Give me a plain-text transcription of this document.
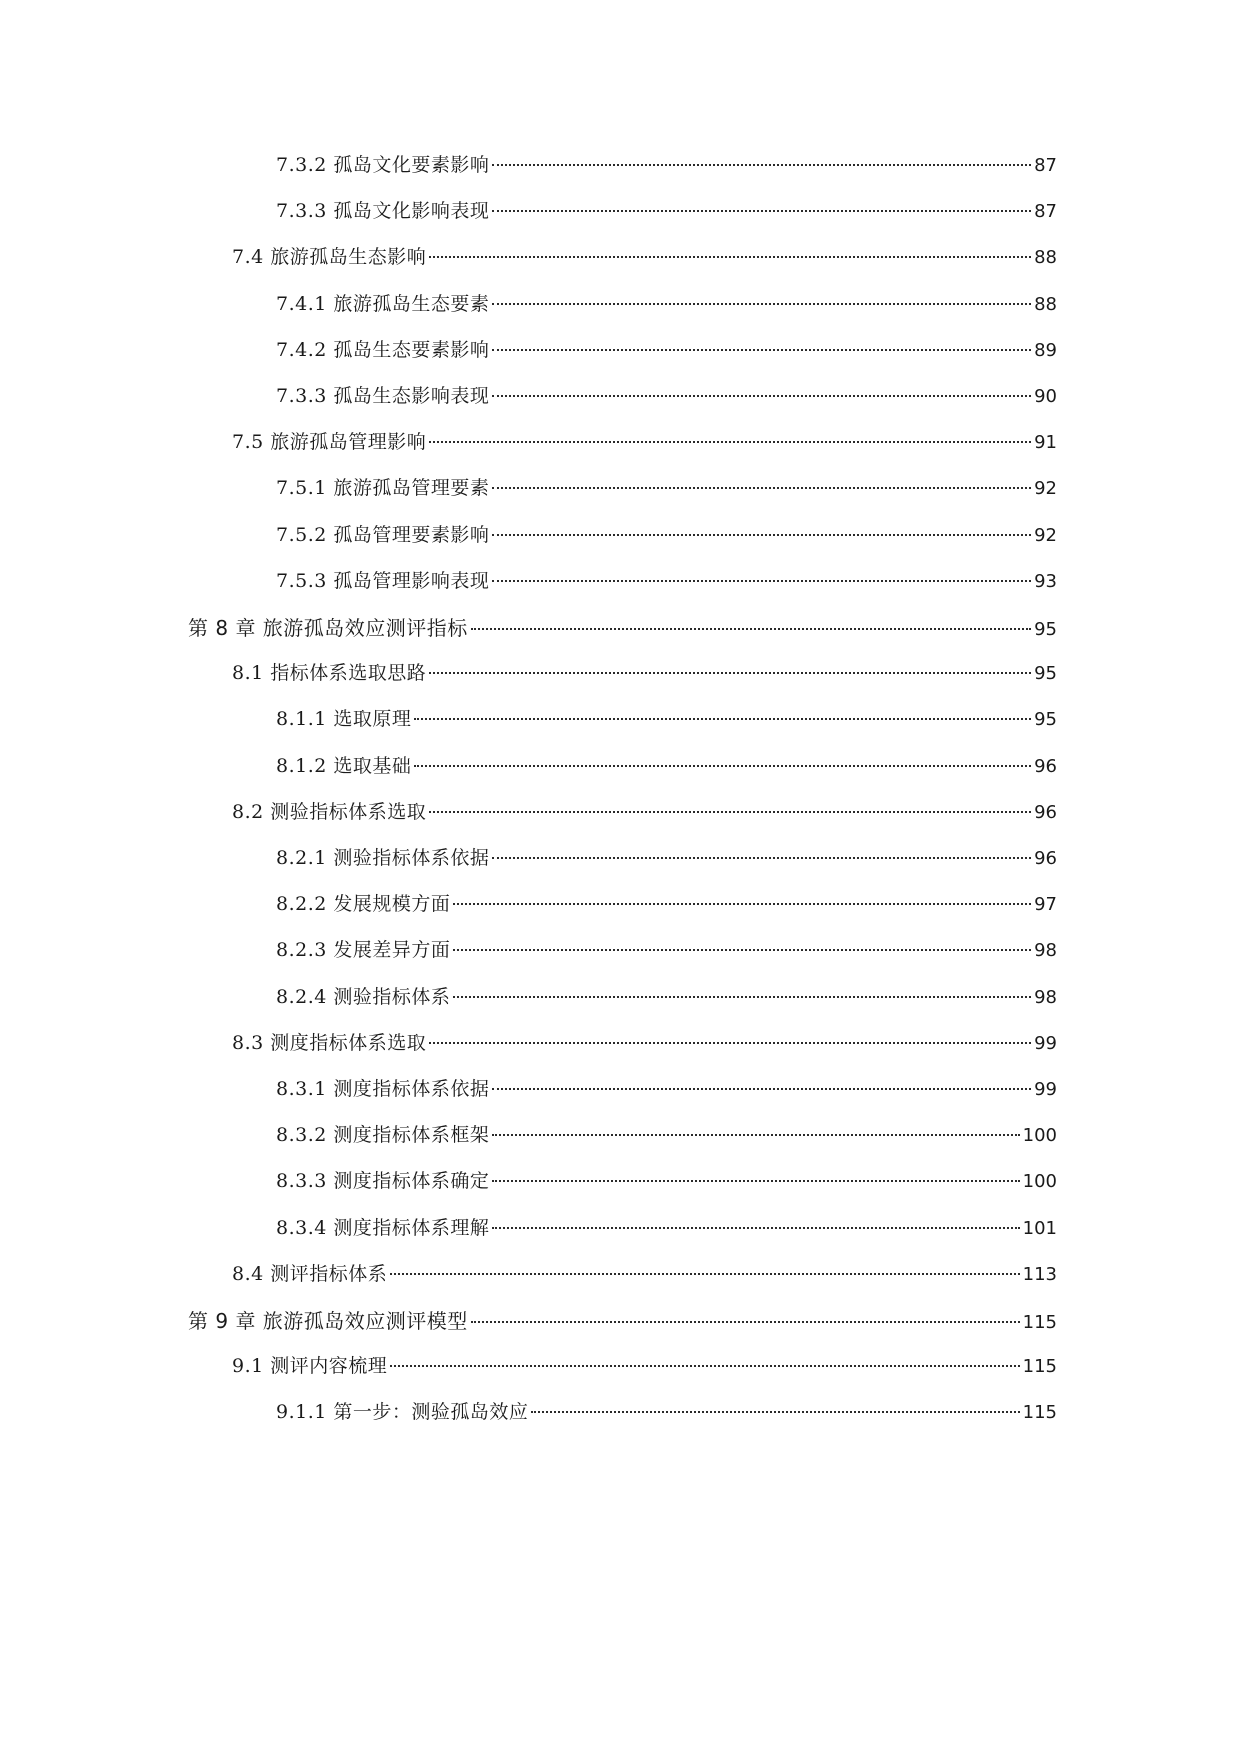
7.3.2 孤岛文化要素影响	87
7.3.3 孤岛文化影响表现	87
7.4 旅游孤岛生态影响	88
7.4.1 旅游孤岛生态要素	88
7.4.2 孤岛生态要素影响	89
7.3.3 孤岛生态影响表现	90
7.5 旅游孤岛管理影响	91
7.5.1 旅游孤岛管理要素	92
7.5.2 孤岛管理要素影响	92
7.5.3 孤岛管理影响表现	93
第 8 章 旅游孤岛效应测评指标	95
8.1 指标体系选取思路	95
8.1.1 选取原理	95
8.1.2 选取基础	96
8.2 测验指标体系选取	96
8.2.1 测验指标体系依据	96
8.2.2 发展规模方面	97
8.2.3 发展差异方面	98
8.2.4 测验指标体系	98
8.3 测度指标体系选取	99
8.3.1 测度指标体系依据	99
8.3.2 测度指标体系框架	100
8.3.3 测度指标体系确定	100
8.3.4 测度指标体系理解	101
8.4 测评指标体系	113
第 9 章 旅游孤岛效应测评模型	115
9.1 测评内容梳理	115
9.1.1 第一步：测验孤岛效应	115
